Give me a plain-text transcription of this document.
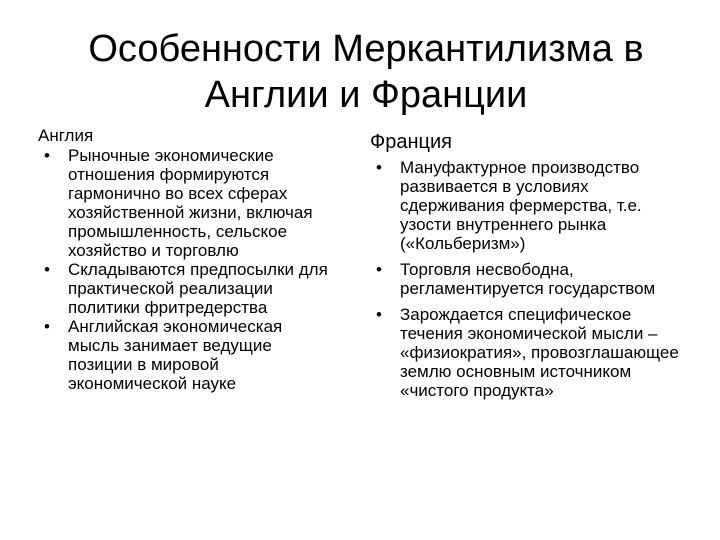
Особенности Меркантилизма в Англии и Франции
Англия
• Рыночные экономические отношения формируются гармонично во всех сферах хозяйственной жизни, включая промышленность, сельское хозяйство и торговлю
• Складываются предпосылки для практической реализации политики фритредерства
• Английская экономическая мысль занимает ведущие позиции в мировой экономической науке
Франция
• Мануфактурное производство развивается в условиях сдерживания фермерства, т.е. узости внутреннего рынка («Кольберизм»)
• Торговля несвободна, регламентируется государством
• Зарождается специфическое течения экономической мысли – «физиократия», провозглашающее землю основным источником «чистого продукта»
